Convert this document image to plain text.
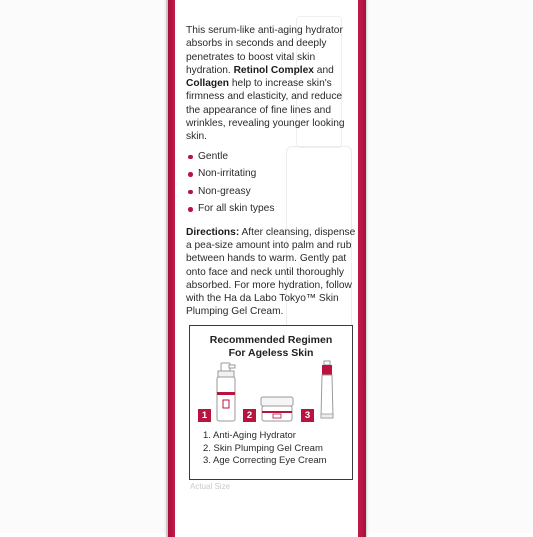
This serum-like anti-aging hydrator absorbs in seconds and deeply penetrates to boost vital skin hydration. Retinol Complex and Collagen help to increase skin's firmness and elasticity, and reduce the appearance of fine lines and wrinkles, revealing younger looking skin.

Gentle
Non-irritating
Non-greasy
For all skin types

Directions: After cleansing, dispense a pea-size amount into palm and rub between hands to warm. Gently pat onto face and neck until thoroughly absorbed. For more hydration, follow with the Ha da Labo Tokyo™ Skin Plumping Gel Cream.

Recommended Regimen
For Ageless Skin
1	2	3
1. Anti-Aging Hydrator
2. Skin Plumping Gel Cream
3. Age Correcting Eye Cream
Actual Size
